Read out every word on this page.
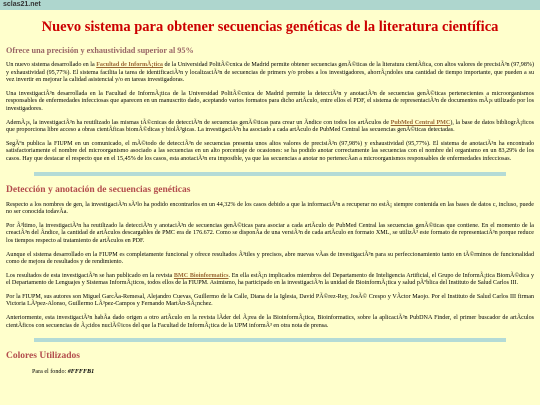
sclas21.net
Nuevo sistema para obtener secuencias genéticas de la literatura científica
Ofrece una precisión y exhaustividad superior al 95%

Un nuevo sistema desarrollado en la Facultad de InformÃ¡tica de la Universidad PolitÃ©cnica de Madrid permite obtener secuencias genÃ©ticas de la literatura cientÃfica, con altos valores de precisiÃ³n (97,98%) y exhaustividad (95,77%). El sistema facilita la tarea de identificaciÃ³n y localizaciÃ³n de secuencias de primers y/o probes a los investigadores, ahorrÃ¡ndoles una cantidad de tiempo importante, que pueden a su vez invertir en mejorar la calidad asistencial y/o en tareas investigadoras.

Una investigaciÃ³n desarrollada en la Facultad de InformÃ¡tica de la Universidad PolitÃ©cnica de Madrid permite la detecciÃ³n y anotaciÃ³n de secuencias genÃ©ticas pertenecientes a microorganismos responsables de enfermedades infecciosas que aparecen en un manuscrito dado, aceptando varios formatos para dicho artÃculo, entre ellos el PDF, el sistema de representaciÃ³n de documentos mÃ¡s utilizado por los investigadores.

AdemÃ¡s, la investigaciÃ³n ha reutilizado las mismas tÃ©cnicas de detecciÃ³n de secuencias genÃ©ticas para crear un Ãndice con todos los artÃculos de PubMed Central PMC), la base de datos bibliogrÃ¡ficos que proporciona libre acceso a obras cientÃficas biomÃ©dicas y biolÃ³gicas. La investigaciÃ³n ha asociado a cada artÃculo de PubMed Central las secuencias genÃ©ticas detectadas.

SegÃºn publica la FIUPM en un comunicado, el mÃ©todo de detecciÃ³n de secuencias presenta unos altos valores de precisiÃ³n (97,98%) y exhaustividad (95,77%). El sistema de anotaciÃ³n ha encontrado satisfactoriamente el nombre del microorganismo asociado a las secuencias en un alto porcentaje de ocasiones: se ha podido anotar correctamente las secuencias con el nombre del organismo en un 83,29% de los casos. Hay que destacar el respecto que en el 15,45% de los casos, esta anotaciÃ³n era imposible, ya que las secuencias a anotar no pertenecÃan a microorganismos responsables de enfermedades infecciosas.

Detección y anotación de secuencias genéticas

Respecto a los nombres de gen, la investigaciÃ³n sÃ³lo ha podido encontrarlos en un 44,32% de los casos debido a que la informaciÃ³n a recuperar no estÃ¡ siempre contenida en las bases de datos c, incluso, puede no ser conocida todavÃa.

Por Ã³ltimo, la investigaciÃ³n ha reutilizado la detecciÃ³n y anotaciÃ³n de secuencias genÃ©ticas para asociar a cada artÃculo de PubMed Central las secuencias genÃ©ticas que contiene. En el momento de la creaciÃ³n del Ãndice, la cantidad de artÃculos descargables de PMC era de 176.672. Como se disponÃa de una versiÃ³n de cada artÃculo en formato XML, se utilizÃ³ este formato de representaciÃ³n porque reduce los tiempos respecto al tratamiento de artÃculos en PDF.

Aunque el sistema desarrollado en la FIUPM es completamente funcional y ofrece resultados Ã³tiles y precisos, abre nuevas vÃas de investigaciÃ³n para su perfeccionamiento tanto en tÃ©rminos de funcionalidad como de mejora de resultados y de rendimiento.

Los resultados de esta investigaciÃ³n se han publicado en la revista BMC Bioinformatics. En ella estÃ¡n implicados miembros del Departamento de Inteligencia Artificial, el Grupo de InformÃ¡tica BiomÃ©dica y el Departamento de Lenguajes y Sistemas InformÃ¡ticos, todos ellos de la FIUPM. Asimismo, ha participado en la investigaciÃ³n la unidad de BioinformÃ¡tica y salud pÃºblica del Instituto de Salud Carlos III.

Por la FIUPM, sus autores son Miguel GarcÃa-Remesal, Alejandro Cuevas, Guillermo de la Calle, Diana de la Iglesia, David PÃ©rez-Rey, JosÃ© Crespo y VÃctor Maojo. Por el Instituto de Salud Carlos III firman Victoria LÃ³pez-Alonso, Guillermo LÃ³pez-Campos y Fernando MartÃn-SÃ¡nchez.

Anteriormente, esta investigaciÃ³n habÃa dado origen a otro artÃculo en la revista lÃder del Ã¡rea de la BioinformÃ¡tica, Bioinformatics, sobre la aplicaciÃ³n PubDNA Finder, el primer buscador de artÃculos cientÃficos con secuencias de Ã¡cidos nuclÃ©icos del que la Facultad de InformÃ¡tica de la UPM informÃ³ en otra nota de prensa.

Colores Utilizados
Para el fondo: #FFFFB1
